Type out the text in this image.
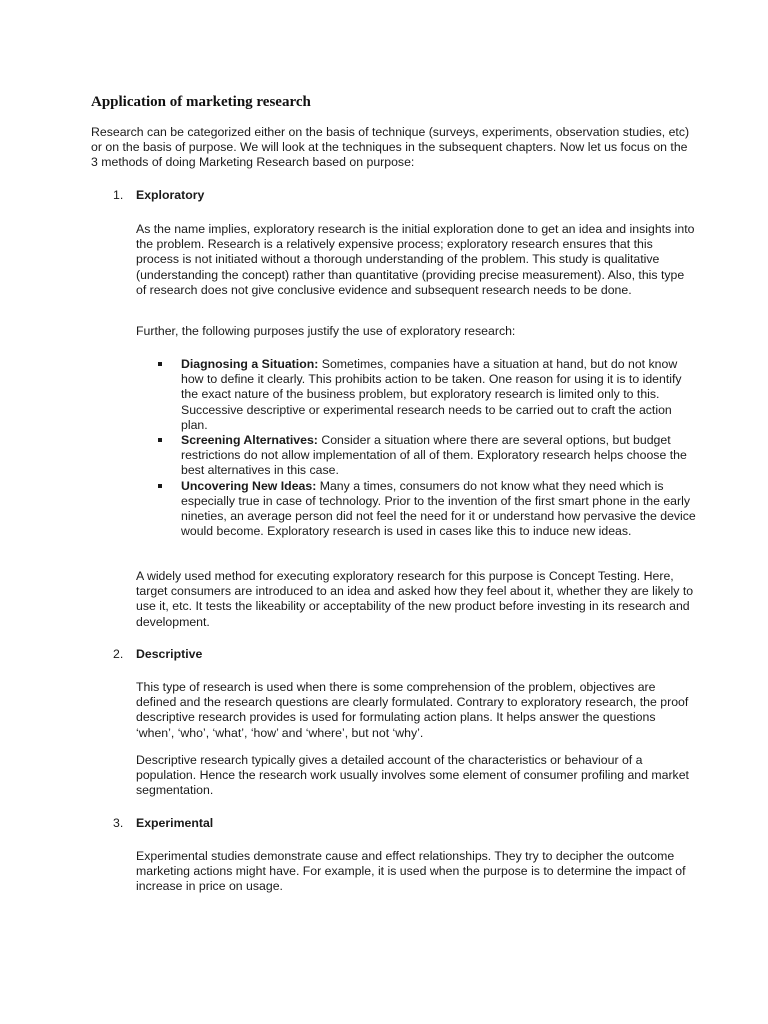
Application of marketing research

Research can be categorized either on the basis of technique (surveys, experiments, observation studies, etc) or on the basis of purpose. We will look at the techniques in the subsequent chapters. Now let us focus on the 3 methods of doing Marketing Research based on purpose:

1. Exploratory

As the name implies, exploratory research is the initial exploration done to get an idea and insights into the problem. Research is a relatively expensive process; exploratory research ensures that this process is not initiated without a thorough understanding of the problem. This study is qualitative (understanding the concept) rather than quantitative (providing precise measurement). Also, this type of research does not give conclusive evidence and subsequent research needs to be done.

Further, the following purposes justify the use of exploratory research:

Diagnosing a Situation: Sometimes, companies have a situation at hand, but do not know how to define it clearly. This prohibits action to be taken. One reason for using it is to identify the exact nature of the business problem, but exploratory research is limited only to this. Successive descriptive or experimental research needs to be carried out to craft the action plan.
Screening Alternatives: Consider a situation where there are several options, but budget restrictions do not allow implementation of all of them. Exploratory research helps choose the best alternatives in this case.
Uncovering New Ideas: Many a times, consumers do not know what they need which is especially true in case of technology. Prior to the invention of the first smart phone in the early nineties, an average person did not feel the need for it or understand how pervasive the device would become. Exploratory research is used in cases like this to induce new ideas.

A widely used method for executing exploratory research for this purpose is Concept Testing. Here, target consumers are introduced to an idea and asked how they feel about it, whether they are likely to use it, etc. It tests the likeability or acceptability of the new product before investing in its research and development.

2. Descriptive

This type of research is used when there is some comprehension of the problem, objectives are defined and the research questions are clearly formulated. Contrary to exploratory research, the proof descriptive research provides is used for formulating action plans. It helps answer the questions ‘when’, ‘who’, ‘what’, ‘how’ and ‘where’, but not ‘why’.

Descriptive research typically gives a detailed account of the characteristics or behaviour of a population. Hence the research work usually involves some element of consumer profiling and market segmentation.

3. Experimental

Experimental studies demonstrate cause and effect relationships. They try to decipher the outcome marketing actions might have. For example, it is used when the purpose is to determine the impact of increase in price on usage.
